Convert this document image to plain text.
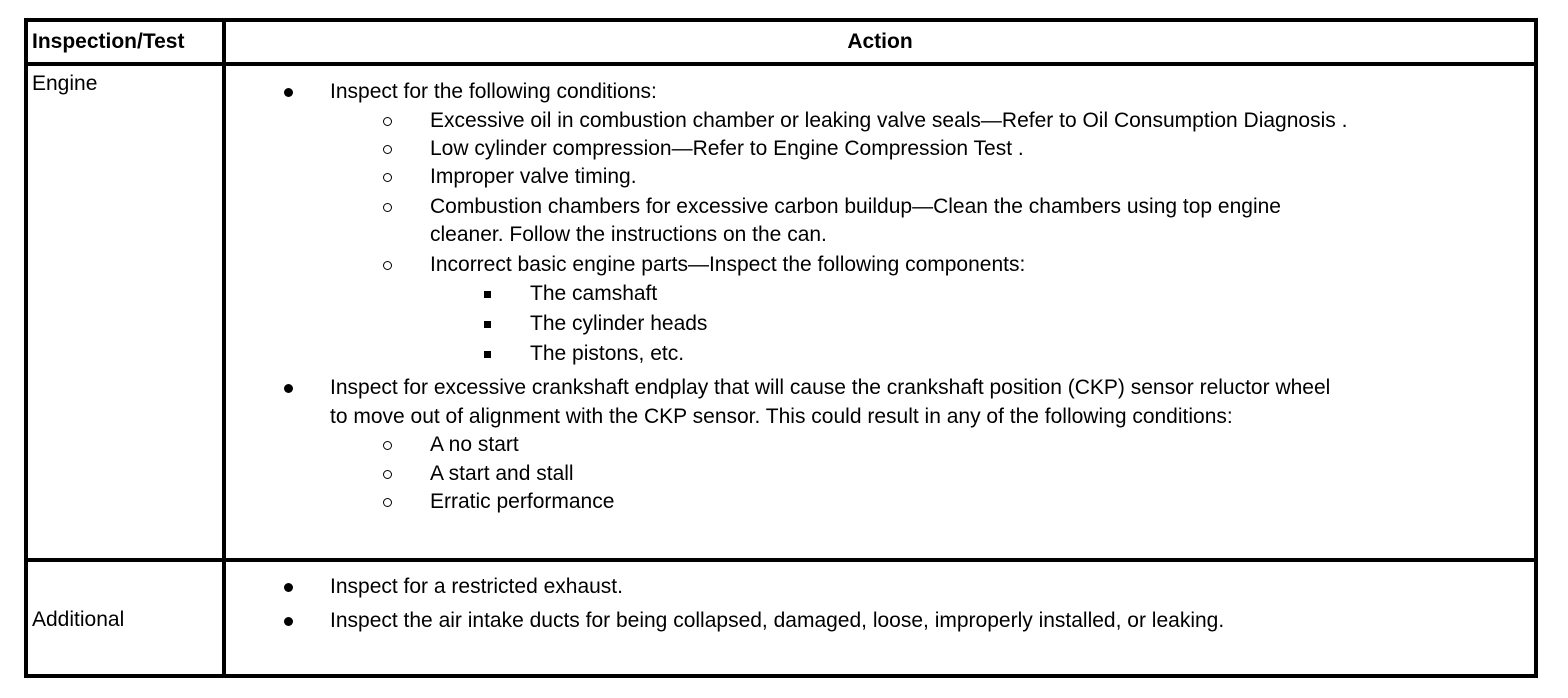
Inspection/Test	Action
Engine	Inspect for the following conditions:
Excessive oil in combustion chamber or leaking valve seals—Refer to Oil Consumption Diagnosis .
Low cylinder compression—Refer to Engine Compression Test .
Improper valve timing.
Combustion chambers for excessive carbon buildup—Clean the chambers using top engine
cleaner. Follow the instructions on the can.
Incorrect basic engine parts—Inspect the following components:
The camshaft
The cylinder heads
The pistons, etc.
Inspect for excessive crankshaft endplay that will cause the crankshaft position (CKP) sensor reluctor wheel
to move out of alignment with the CKP sensor. This could result in any of the following conditions:
A no start
A start and stall
Erratic performance
Additional
Inspect for a restricted exhaust.
Inspect the air intake ducts for being collapsed, damaged, loose, improperly installed, or leaking.
